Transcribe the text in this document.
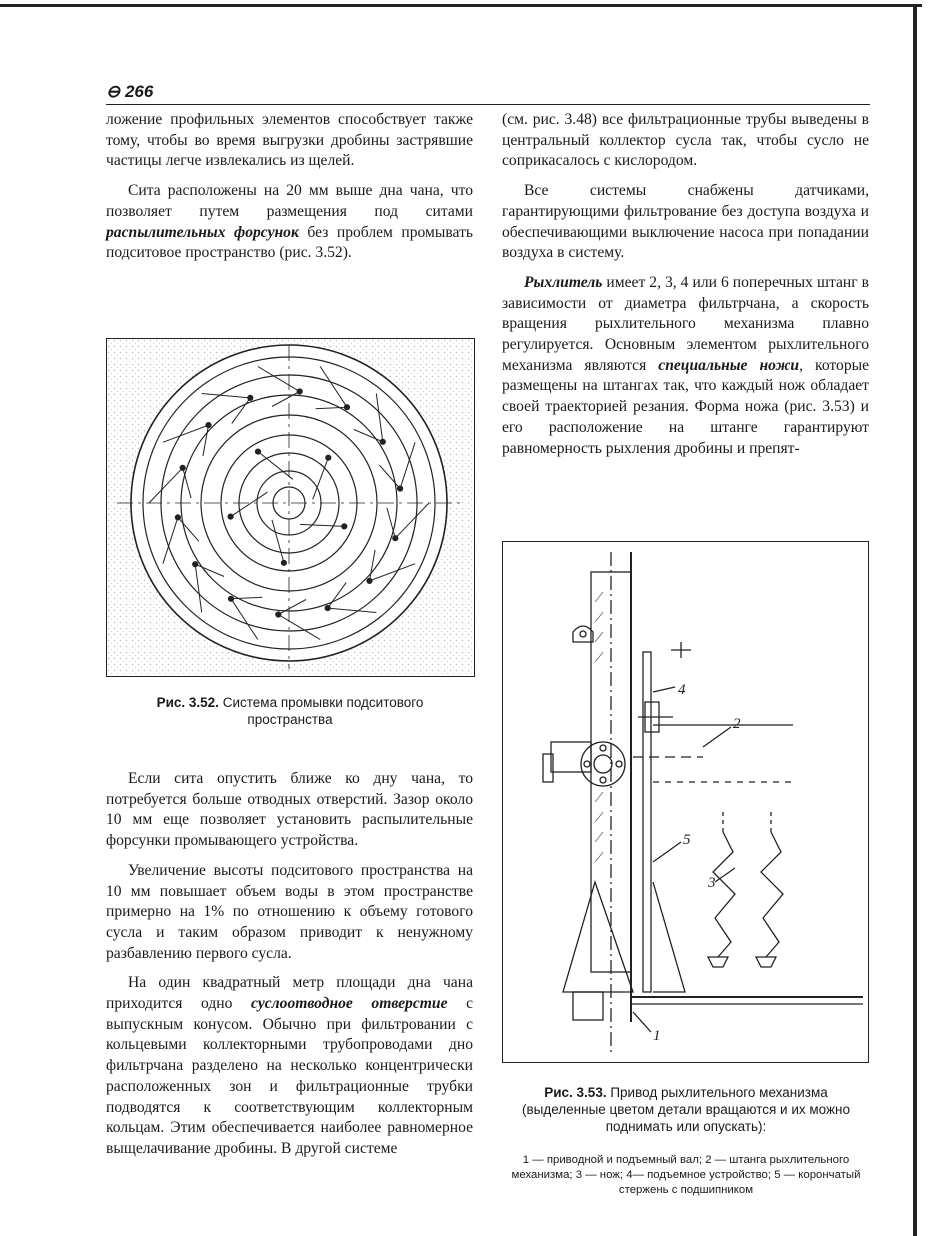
⊖ 266

ложение профильных элементов способствует также тому, чтобы во время выгрузки дробины застрявшие частицы легче извлекались из щелей.

Сита расположены на 20 мм выше дна чана, что позволяет путем размещения под ситами распылительных форсунок без проблем промывать подситовое пространство (рис. 3.52).

Рис. 3.52. Система промывки подситового пространства

Если сита опустить ближе ко дну чана, то потребуется больше отводных отверстий. Зазор около 10 мм еще позволяет установить распылительные форсунки промывающего устройства.

Увеличение высоты подситового пространства на 10 мм повышает объем воды в этом пространстве примерно на 1% по отношению к объему готового сусла и таким образом приводит к ненужному разбавлению первого сусла.

На один квадратный метр площади дна чана приходится одно суслоотводное отверстие с выпускным конусом. Обычно при фильтровании с кольцевыми коллекторными трубопроводами дно фильтрчана разделено на несколько концентрически расположенных зон и фильтрационные трубки подводятся к соответствующим коллекторным кольцам. Этим обеспечивается наиболее равномерное выщелачивание дробины. В другой системе

(см. рис. 3.48) все фильтрационные трубы выведены в центральный коллектор сусла так, чтобы сусло не соприкасалось с кислородом.

Все системы снабжены датчиками, гарантирующими фильтрование без доступа воздуха и обеспечивающими выключение насоса при попадании воздуха в систему.

Рыхлитель имеет 2, 3, 4 или 6 поперечных штанг в зависимости от диаметра фильтрчана, а скорость вращения рыхлительного механизма плавно регулируется. Основным элементом рыхлительного механизма являются специальные ножи, которые размещены на штангах так, что каждый нож обладает своей траекторией резания. Форма ножа (рис. 3.53) и его расположение на штанге гарантируют равномерность рыхления дробины и препят-

1
2
3
4
5
Рис. 3.53. Привод рыхлительного механизма (выделенные цветом детали вращаются и их можно поднимать или опускать):
1 — приводной и подъемный вал; 2 — штанга рыхлительного механизма; 3 — нож; 4— подъемное устройство; 5 — корончатый стержень с подшипником
